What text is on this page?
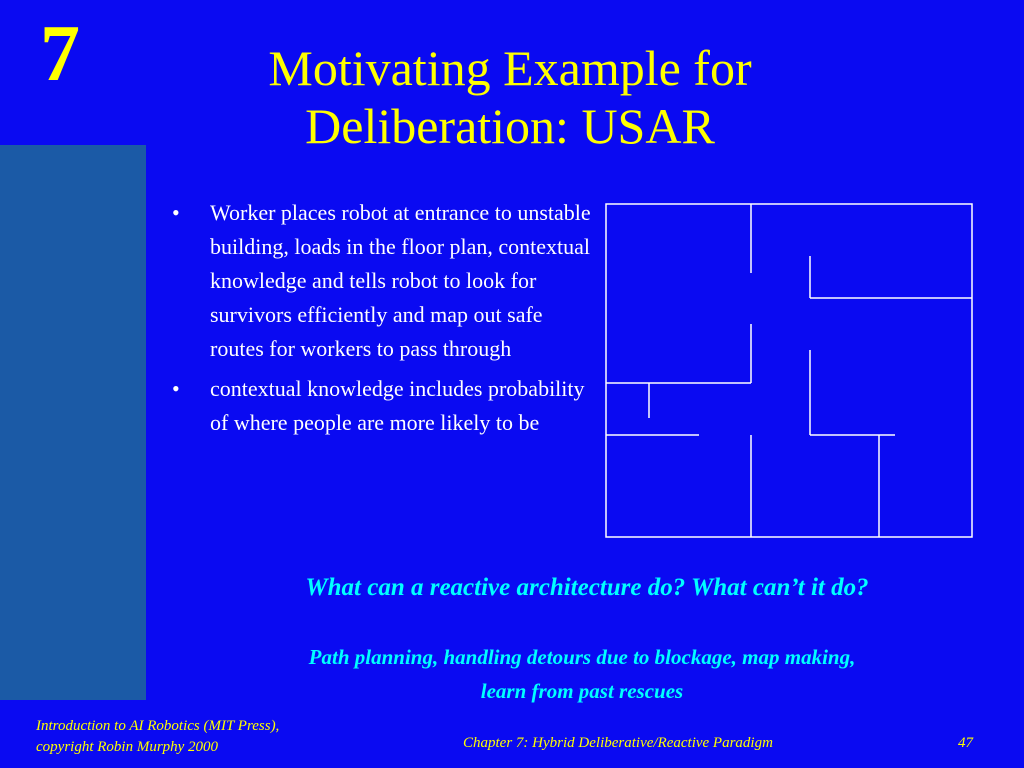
7	Motivating Example for
Deliberation: USAR
• Worker places robot at entrance to unstable building, loads in the floor plan, contextual knowledge and tells robot to look for survivors efficiently and map out safe routes for workers to pass through
• contextual knowledge includes probability of where people are more likely to be
What can a reactive architecture do? What can’t it do?
Path planning, handling detours due to blockage, map making,
learn from past rescues
Introduction to AI Robotics (MIT Press),
copyright Robin Murphy 2000	Chapter 7: Hybrid Deliberative/Reactive Paradigm	47
